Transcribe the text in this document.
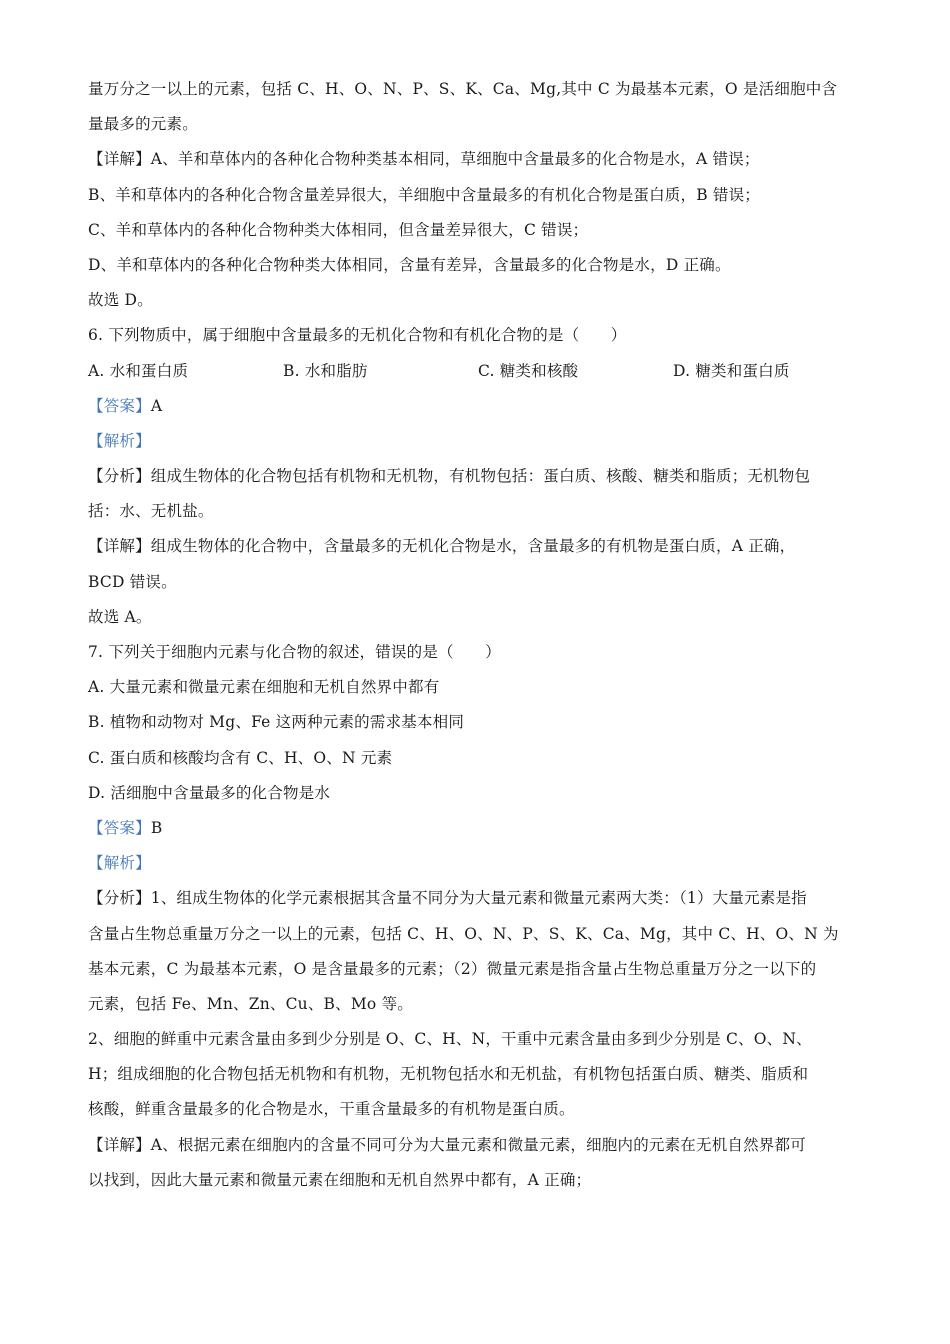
量万分之一以上的元素，包括 C、H、O、N、P、S、K、Ca、Mg,其中 C 为最基本元素，O 是活细胞中含
量最多的元素。
【详解】A、羊和草体内的各种化合物种类基本相同，草细胞中含量最多的化合物是水，A 错误；
B、羊和草体内的各种化合物含量差异很大，羊细胞中含量最多的有机化合物是蛋白质，B 错误；
C、羊和草体内的各种化合物种类大体相同，但含量差异很大，C 错误；
D、羊和草体内的各种化合物种类大体相同，含量有差异，含量最多的化合物是水，D 正确。
故选 D。
6. 下列物质中，属于细胞中含量最多的无机化合物和有机化合物的是（　　）
A. 水和蛋白质	B. 水和脂肪	C. 糖类和核酸	D. 糖类和蛋白质
【答案】A
【解析】
【分析】组成生物体的化合物包括有机物和无机物，有机物包括：蛋白质、核酸、糖类和脂质；无机物包
括：水、无机盐。
【详解】组成生物体的化合物中，含量最多的无机化合物是水，含量最多的有机物是蛋白质，A 正确，
BCD 错误。
故选 A。
7. 下列关于细胞内元素与化合物的叙述，错误的是（　　）
A. 大量元素和微量元素在细胞和无机自然界中都有
B. 植物和动物对 Mg、Fe 这两种元素的需求基本相同
C. 蛋白质和核酸均含有 C、H、O、N 元素
D. 活细胞中含量最多的化合物是水
【答案】B
【解析】
【分析】1、组成生物体的化学元素根据其含量不同分为大量元素和微量元素两大类：（1）大量元素是指
含量占生物总重量万分之一以上的元素，包括 C、H、O、N、P、S、K、Ca、Mg，其中 C、H、O、N 为
基本元素，C 为最基本元素，O 是含量最多的元素；（2）微量元素是指含量占生物总重量万分之一以下的
元素，包括 Fe、Mn、Zn、Cu、B、Mo 等。
2、细胞的鲜重中元素含量由多到少分别是 O、C、H、N，干重中元素含量由多到少分别是 C、O、N、
H；组成细胞的化合物包括无机物和有机物，无机物包括水和无机盐，有机物包括蛋白质、糖类、脂质和
核酸，鲜重含量最多的化合物是水，干重含量最多的有机物是蛋白质。
【详解】A、根据元素在细胞内的含量不同可分为大量元素和微量元素，细胞内的元素在无机自然界都可
以找到，因此大量元素和微量元素在细胞和无机自然界中都有，A 正确；
